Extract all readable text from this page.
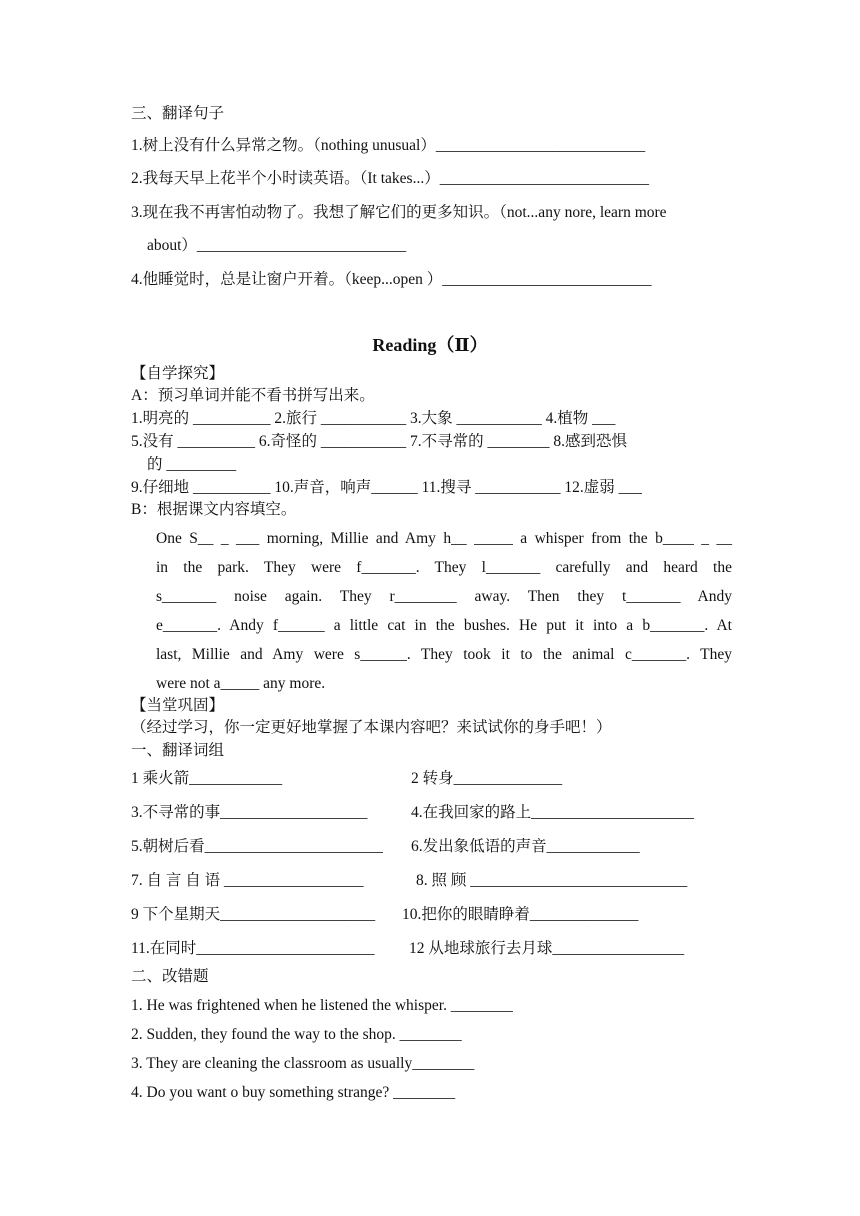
三、翻译句子
1.树上没有什么异常之物。（nothing unusual）___________________________
2.我每天早上花半个小时读英语。（It takes...）___________________________
3.现在我不再害怕动物了。我想了解它们的更多知识。（not...any nore, learn more
about）___________________________
4.他睡觉时，总是让窗户开着。（keep...open ）___________________________
Reading（Ⅱ）
【自学探究】
A：预习单词并能不看书拼写出来。
1.明亮的 __________ 2.旅行 ___________ 3.大象 ___________ 4.植物 ___
5.没有 __________ 6.奇怪的 ___________ 7.不寻常的 ________ 8.感到恐惧
的 _________
9.仔细地 __________ 10.声音，响声______ 11.搜寻 ___________ 12.虚弱 ___
B：根据课文内容填空。
One S__ _ ___ morning, Millie and Amy h__ _____ a whisper from the b____ _ __
in the park. They were f_______. They l_______ carefully and heard the
s_______ noise again. They r________ away. Then they t_______ Andy
e_______. Andy f______ a little cat in the bushes. He put it into a b_______. At
last, Millie and Amy were s______. They took it to the animal c_______. They
were not a_____ any more.
【当堂巩固】
（经过学习，你一定更好地掌握了本课内容吧？来试试你的身手吧！）
一、翻译词组
1 乘火箭____________	2 转身______________
3.不寻常的事___________________	4.在我回家的路上_____________________
5.朝树后看_______________________ 6.发出象低语的声音____________
7. 自 言 自 语 __________________	8. 照 顾 ____________________________
9 下个星期天____________________ 10.把你的眼睛睁着______________
11.在同时_______________________ 12 从地球旅行去月球_________________
二、改错题
1. He was frightened when he listened the whisper. ________
2. Sudden, they found the way to the shop. ________
3. They are cleaning the classroom as usually________
4. Do you want o buy something strange? ________
